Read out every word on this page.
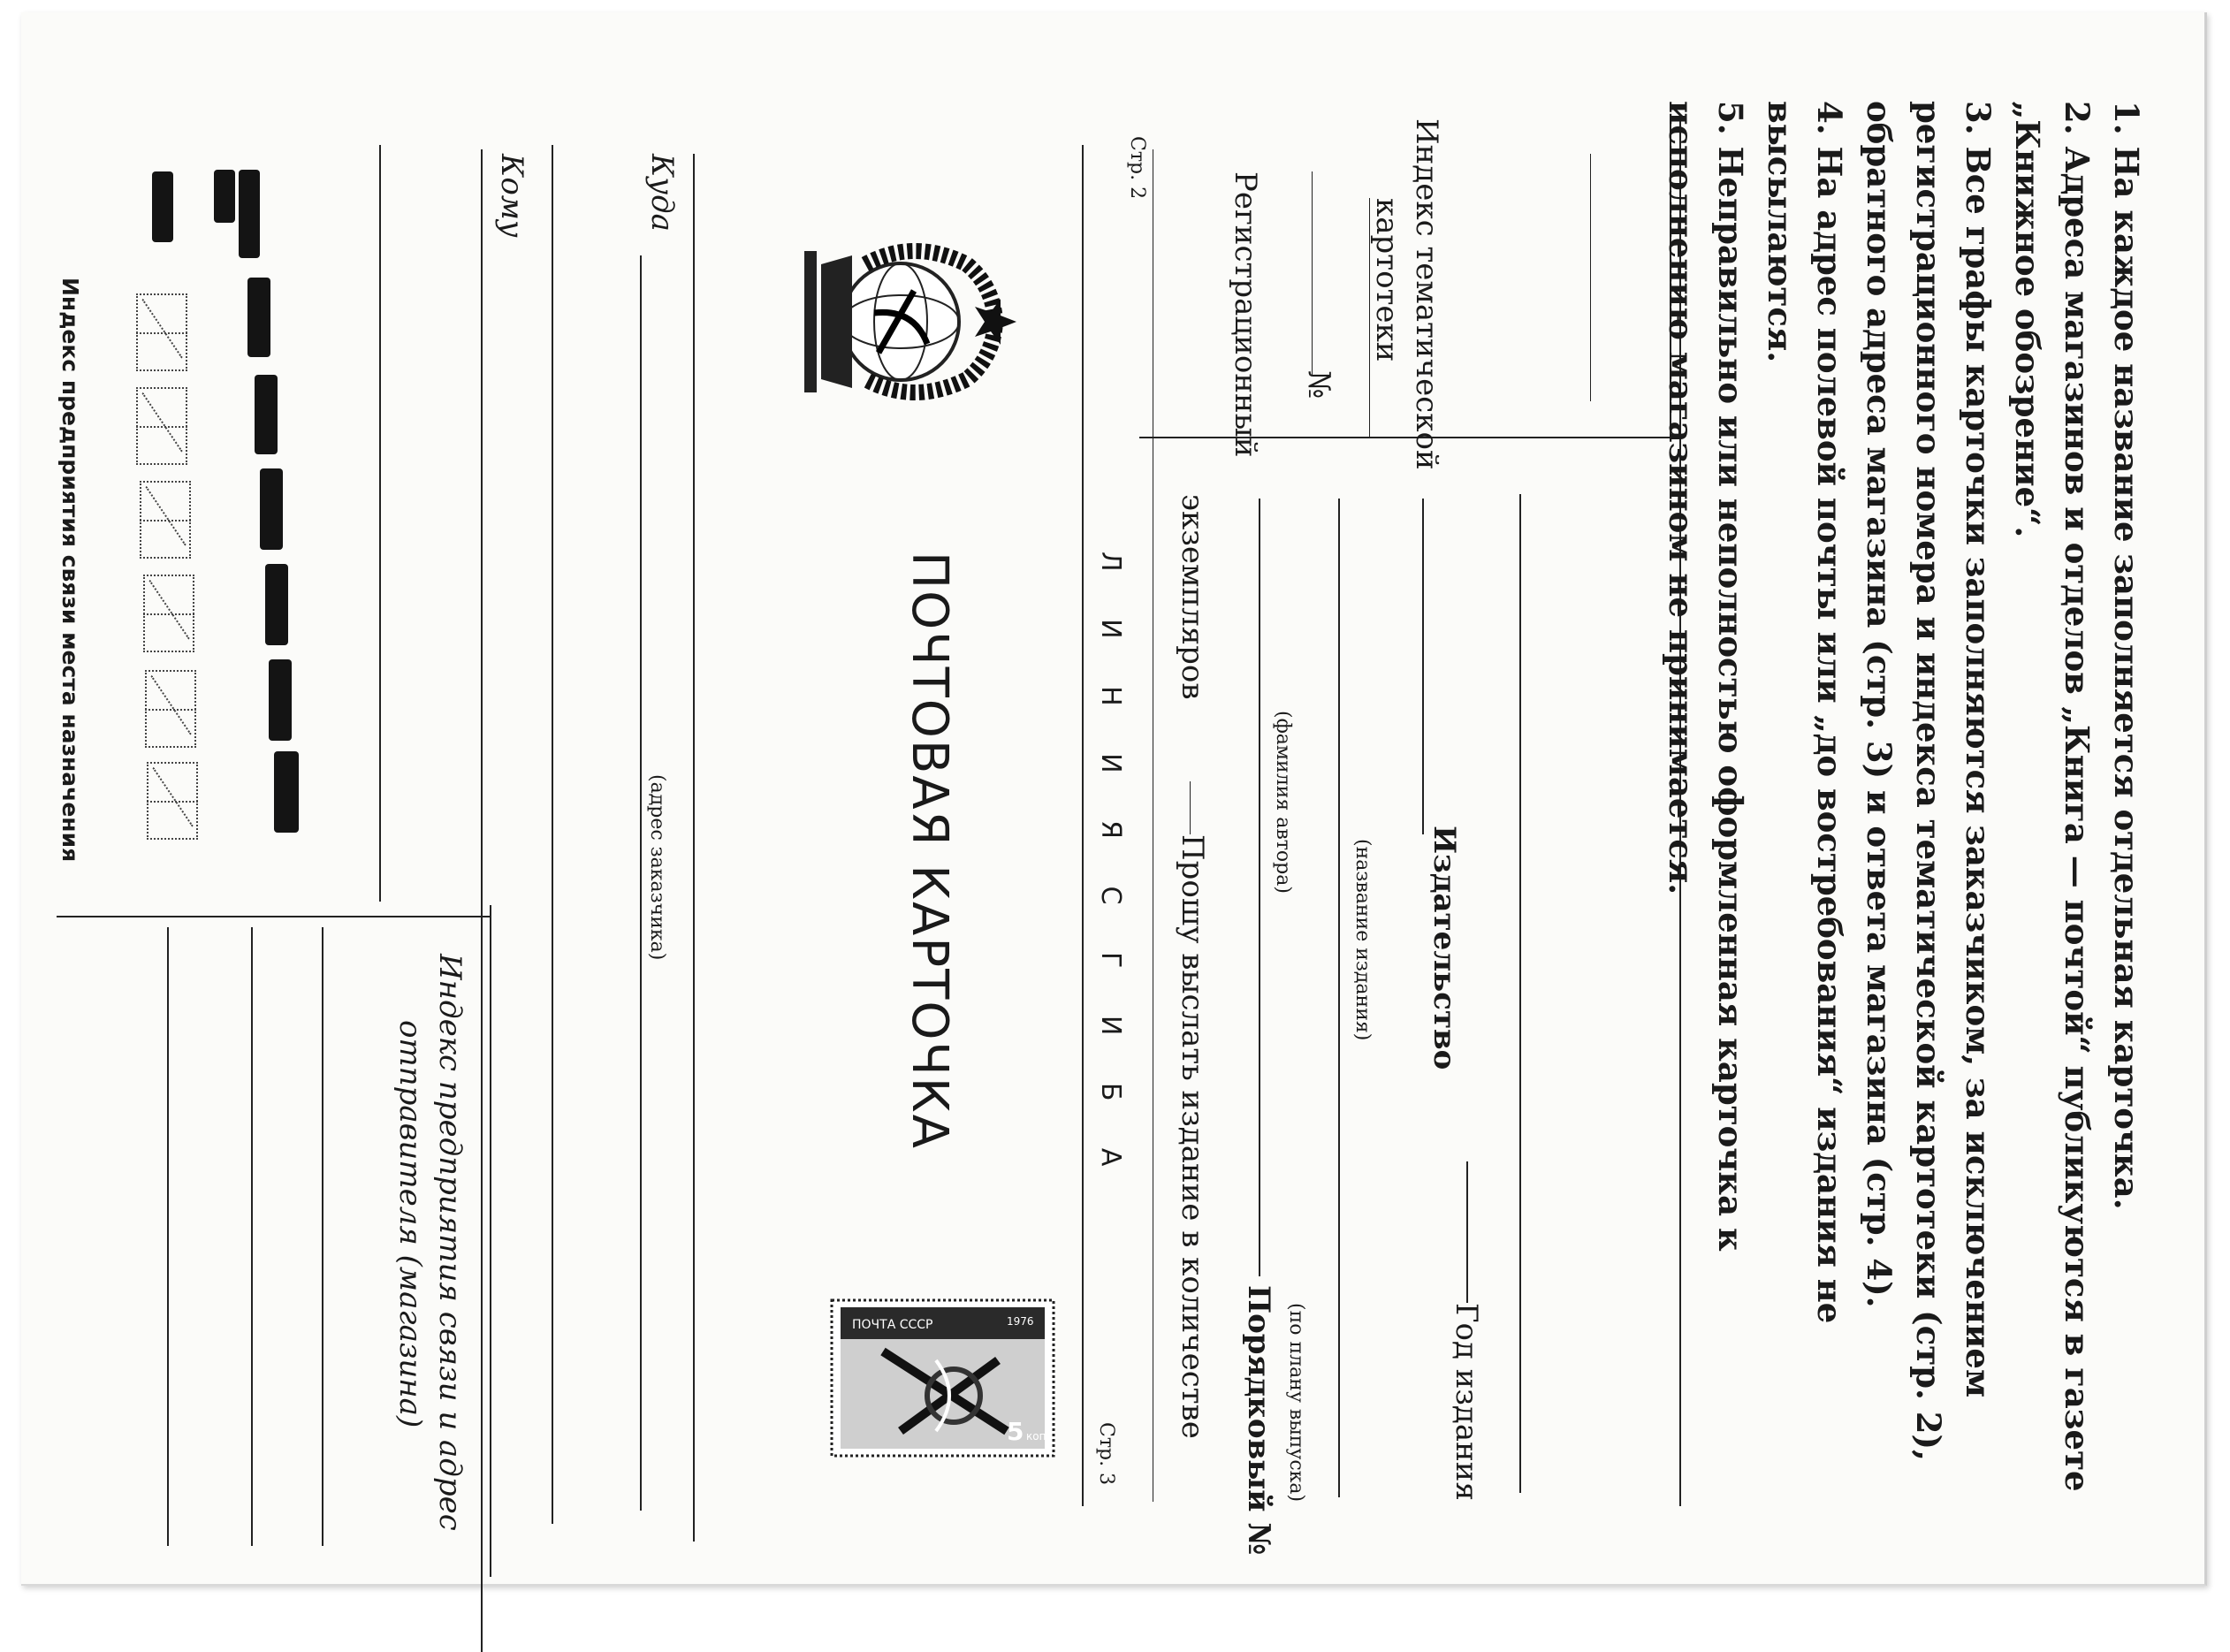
Индекс предприятия связи места назначения
Кому	Куда
(адрес заказчика)
Индекс предприятия связи и адрес
отправителя (магазина)
ПОЧТОВАЯ КАРТОЧКА	Л И Н И Я С Г И Б А
Стр. 2
Стр. 3
ПОЧТА СССР
5 коп
1976	Прошу выслать издание в количестве
экземпляров
Порядковый № (по плану выпуска)
(фамилия автора)
(название издания) Издательство
Год издания
Регистрационный № Индекс тематической
картотеки	1. На каждое название заполняется отдельная карточка.

2. Адреса магазинов и отделов „Книга — почтой“ публикуются в газете „Книжное обозрение“.

3. Все графы карточки заполняются заказчиком, за исключением регистрационного номера и индекса тематической картотеки (стр. 2), обратного адреса магазина (стр. 3) и ответа магазина (стр. 4).

4. На адрес полевой почты или „до востребования“ издания не высылаются.

5. Неправильно или неполностью оформленная карточка к исполнению магазином не принимается.
